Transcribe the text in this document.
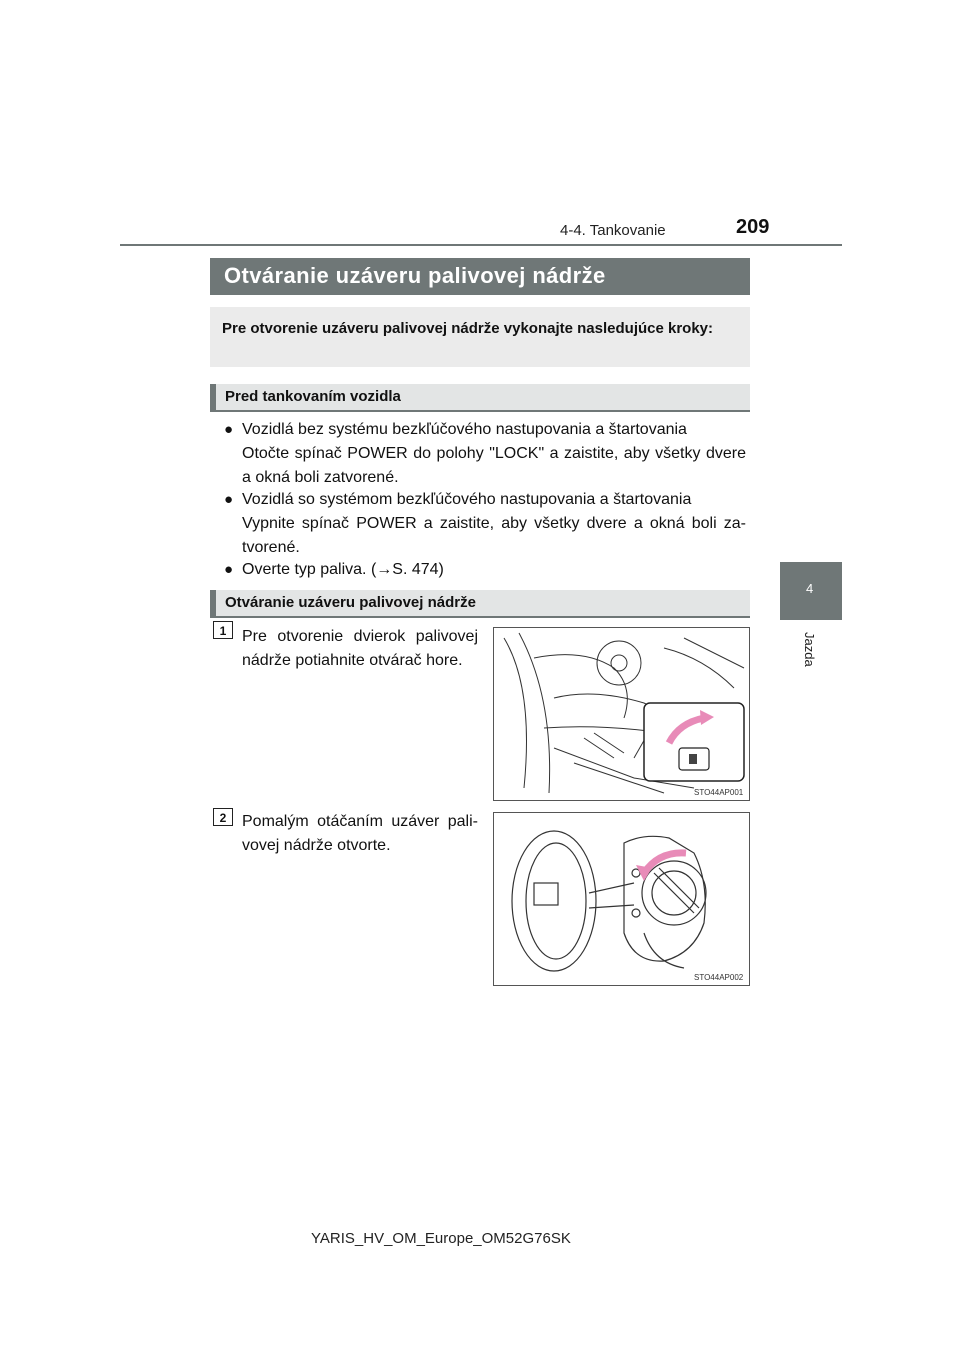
4-4. Tankovanie	209
4
Jazda
Otváranie uzáveru palivovej nádrže
Pre otvorenie uzáveru palivovej nádrže vykonajte nasledujúce kroky:
Pred tankovaním vozidla
● Vozidlá bez systému bezkľúčového nastupovania a štartovania
Otočte spínač POWER do polohy "LOCK" a zaistite, aby všetky dvere a okná boli zatvorené.
● Vozidlá so systémom bezkľúčového nastupovania a štartovania
Vypnite spínač POWER a zaistite, aby všetky dvere a okná boli za-tvorené.
● Overte typ paliva. (→S. 474)
Otváranie uzáveru palivovej nádrže
1 Pre otvorenie dvierok palivovej nádrže potiahnite otvárač hore.
STO44AP001
2 Pomalým otáčaním uzáver pali-vovej nádrže otvorte.
STO44AP002
YARIS_HV_OM_Europe_OM52G76SK
